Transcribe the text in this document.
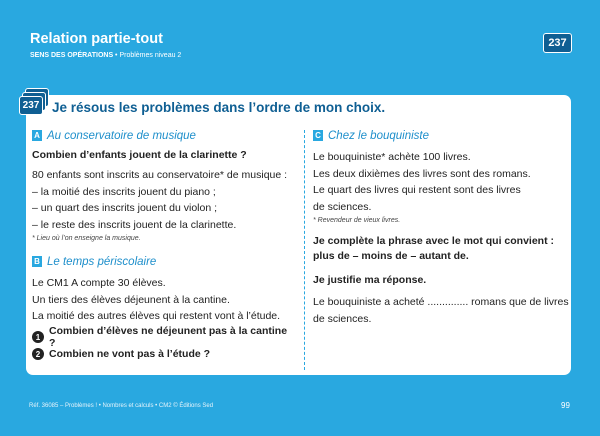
Relation partie-tout
SENS DES OPÉRATIONS • Problèmes niveau 2
237
237 Je résous les problèmes dans l’ordre de mon choix.
A Au conservatoire de musique
Combien d’enfants jouent de la clarinette ?
80 enfants sont inscrits au conservatoire* de musique :
– la moitié des inscrits jouent du piano ;
– un quart des inscrits jouent du violon ;
– le reste des inscrits jouent de la clarinette.
* Lieu où l’on enseigne la musique.
B Le temps périscolaire
Le CM1 A compte 30 élèves.
Un tiers des élèves déjeunent à la cantine.
La moitié des autres élèves qui restent vont à l’étude.
1 Combien d’élèves ne déjeunent pas à la cantine ?
2 Combien ne vont pas à l’étude ?
C Chez le bouquiniste
Le bouquiniste* achète 100 livres.
Les deux dixièmes des livres sont des romans.
Le quart des livres qui restent sont des livres
de sciences.
* Revendeur de vieux livres.
Je complète la phrase avec le mot qui convient :
plus de – moins de – autant de.
Je justifie ma réponse.
Le bouquiniste a acheté .............. romans que de livres
de sciences.
Réf. 36085 – Problèmes ! • Nombres et calculs • CM2 © Éditions Sed	99
